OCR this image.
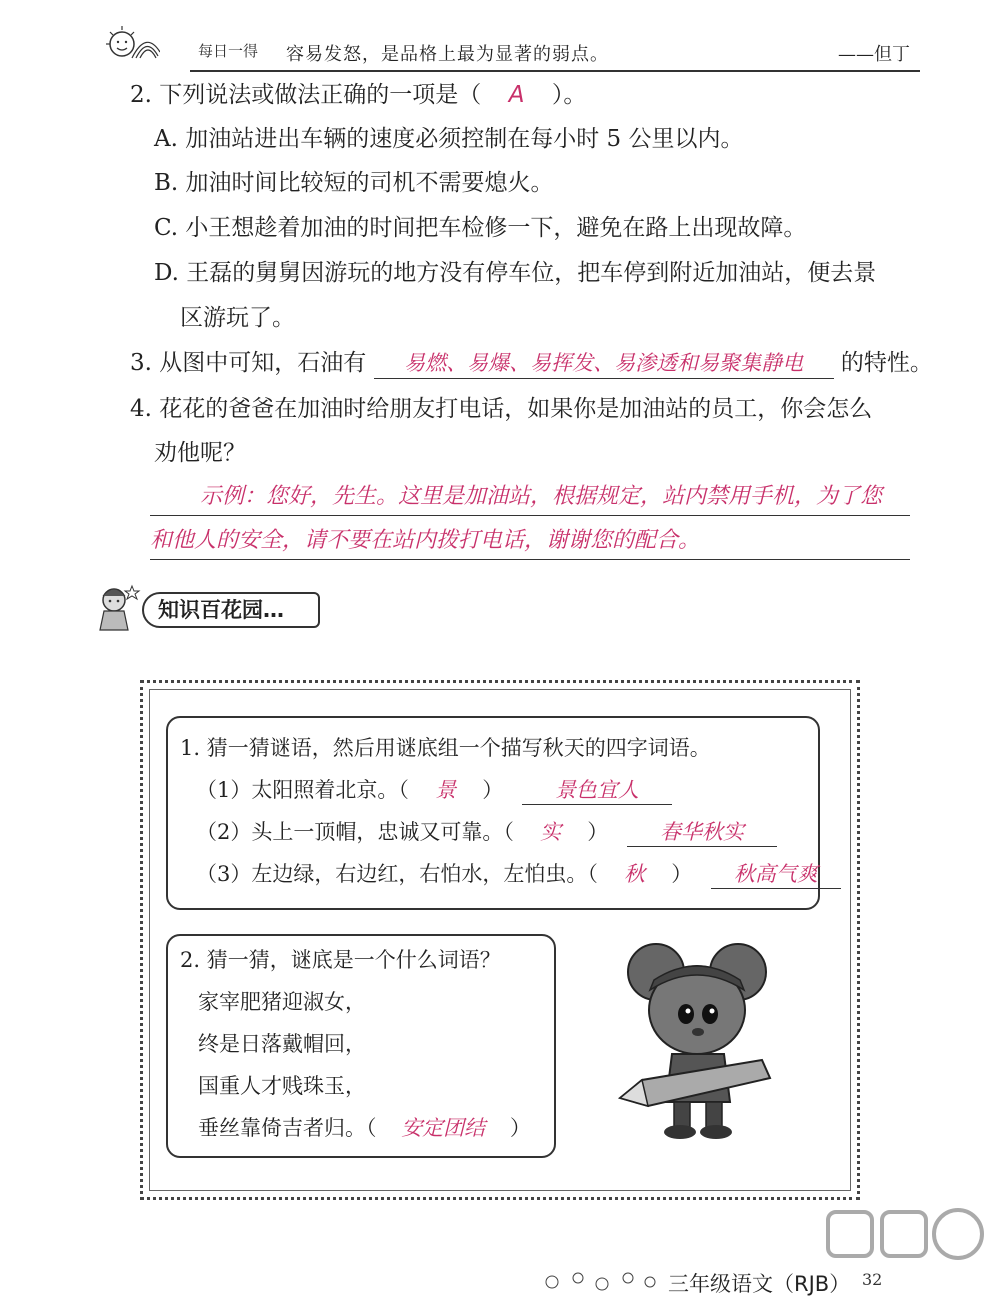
每日一得 容易发怒，是品格上最为显著的弱点。	——但丁
2. 下列说法或做法正确的一项是（ A ）。
A. 加油站进出车辆的速度必须控制在每小时 5 公里以内。
B. 加油时间比较短的司机不需要熄火。
C. 小王想趁着加油的时间把车检修一下，避免在路上出现故障。
D. 王磊的舅舅因游玩的地方没有停车位，把车停到附近加油站，便去景
区游玩了。
3. 从图中可知，石油有 易燃、易爆、易挥发、易渗透和易聚集静电 的特性。
4. 花花的爸爸在加油时给朋友打电话，如果你是加油站的员工，你会怎么
劝他呢？
示例：您好，先生。这里是加油站，根据规定，站内禁用手机，为了您
和他人的安全，请不要在站内拨打电话，谢谢您的配合。
知识百花园…
1. 猜一猜谜语，然后用谜底组一个描写秋天的四字词语。
（1）太阳照着北京。（ 景 ） 景色宜人
（2）头上一顶帽，忠诚又可靠。（ 实 ） 春华秋实
（3）左边绿，右边红，右怕水，左怕虫。（ 秋 ） 秋高气爽
2. 猜一猜，谜底是一个什么词语？
家宰肥猪迎淑女，
终是日落戴帽回，
国重人才贱珠玉，
垂丝靠倚吉者归。（ 安定团结 ）
三年级语文（RJB） 32
